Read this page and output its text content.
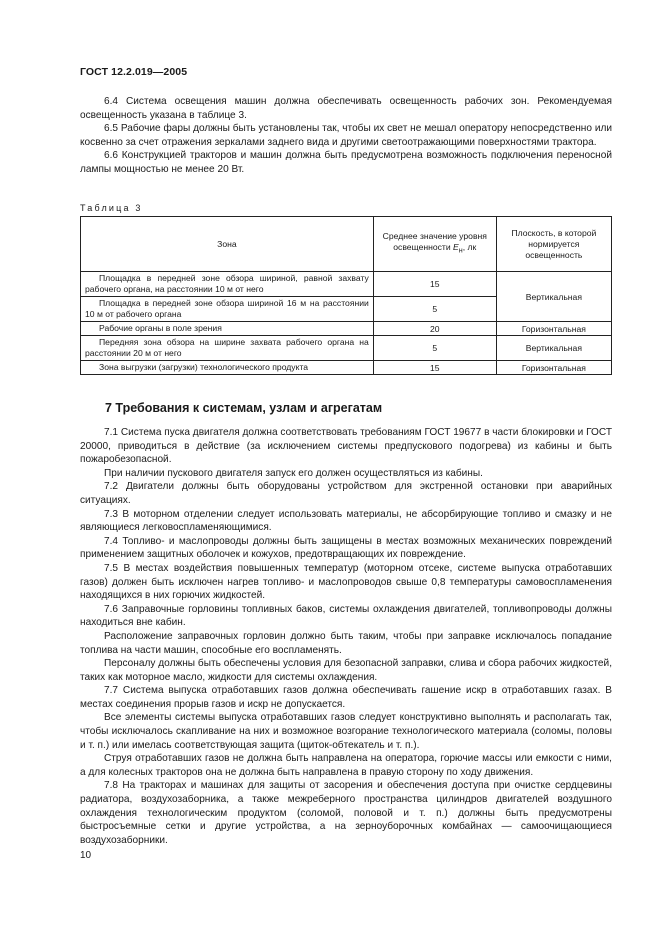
ГОСТ 12.2.019—2005

6.4 Система освещения машин должна обеспечивать освещенность рабочих зон. Рекомендуемая освещенность указана в таблице 3.

6.5 Рабочие фары должны быть установлены так, чтобы их свет не мешал оператору непосредственно или косвенно за счет отражения зеркалами заднего вида и другими светоотражающими поверхностями трактора.

6.6 Конструкцией тракторов и машин должна быть предусмотрена возможность подключения переносной лампы мощностью не менее 20 Вт.

Таблица 3
Зона	Среднее значение уровня освещенности $E_н$, лк	Плоскость, в которой нормируется освещенность
Площадка в передней зоне обзора шириной, равной захвату рабочего органа, на расстоянии 10 м от него	15	Вертикальная
Площадка в передней зоне обзора шириной 16 м на расстоянии 10 м от рабочего органа	5	
Рабочие органы в поле зрения	20	Горизонтальная
Передняя зона обзора на ширине захвата рабочего органа на расстоянии 20 м от него	5	Вертикальная
Зона выгрузки (загрузки) технологического продукта	15	Горизонтальная
7 Требования к системам, узлам и агрегатам

7.1 Система пуска двигателя должна соответствовать требованиям ГОСТ 19677 в части блокировки и ГОСТ 20000, приводиться в действие (за исключением системы предпускового подогрева) из кабины и быть пожаробезопасной.

При наличии пускового двигателя запуск его должен осуществляться из кабины.

7.2 Двигатели должны быть оборудованы устройством для экстренной остановки при аварийных ситуациях.

7.3 В моторном отделении следует использовать материалы, не абсорбирующие топливо и смазку и не являющиеся легковоспламеняющимися.

7.4 Топливо- и маслопроводы должны быть защищены в местах возможных механических повреждений применением защитных оболочек и кожухов, предотвращающих их повреждение.

7.5 В местах воздействия повышенных температур (моторном отсеке, системе выпуска отработавших газов) должен быть исключен нагрев топливо- и маслопроводов свыше 0,8 температуры самовоспламенения находящихся в них горючих жидкостей.

7.6 Заправочные горловины топливных баков, системы охлаждения двигателей, топливопроводы должны находиться вне кабин.

Расположение заправочных горловин должно быть таким, чтобы при заправке исключалось попадание топлива на части машин, способные его воспламенять.

Персоналу должны быть обеспечены условия для безопасной заправки, слива и сбора рабочих жидкостей, таких как моторное масло, жидкости для системы охлаждения.

7.7 Система выпуска отработавших газов должна обеспечивать гашение искр в отработавших газах. В местах соединения прорыв газов и искр не допускается.

Все элементы системы выпуска отработавших газов следует конструктивно выполнять и располагать так, чтобы исключалось скапливание на них и возможное возгорание технологического материала (соломы, половы и т. п.) или имелась соответствующая защита (щиток-обтекатель и т. п.).

Струя отработавших газов не должна быть направлена на оператора, горючие массы или емкости с ними, а для колесных тракторов она не должна быть направлена в правую сторону по ходу движения.

7.8 На тракторах и машинах для защиты от засорения и обеспечения доступа при очистке сердцевины радиатора, воздухозаборника, а также межреберного пространства цилиндров двигателей воздушного охлаждения технологическим продуктом (соломой, половой и т. п.) должны быть предусмотрены быстросъемные сетки и другие устройства, а на зерноуборочных комбайнах — самоочищающиеся воздухозаборники.

10
